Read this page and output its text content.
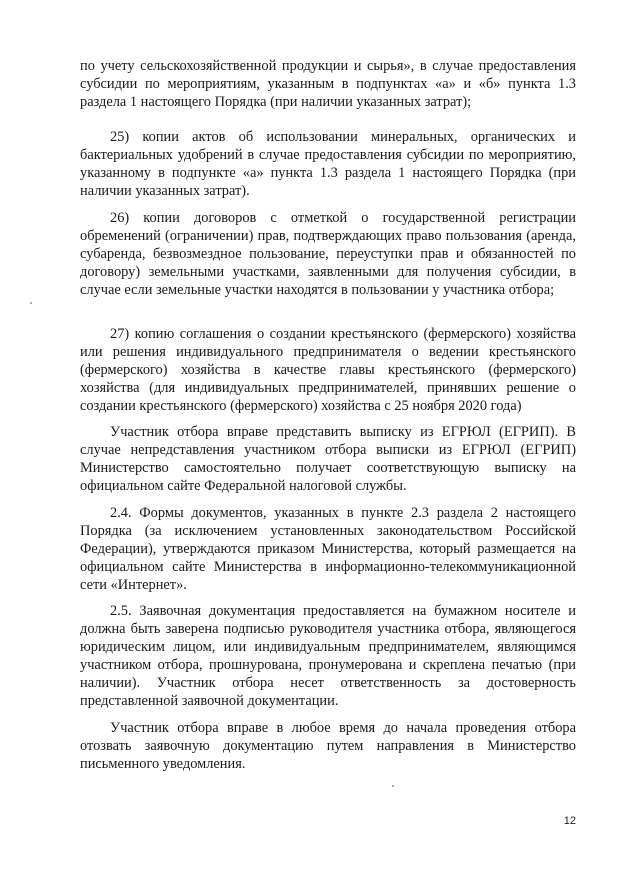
по учету сельскохозяйственной продукции и сырья», в случае предоставления субсидии по мероприятиям, указанным в подпунктах «а» и «б» пункта 1.3 раздела 1 настоящего Порядка (при наличии указанных затрат);

25) копии актов об использовании минеральных, органических и бактериальных удобрений в случае предоставления субсидии по мероприятию, указанному в подпункте «а» пункта 1.3 раздела 1 настоящего Порядка (при наличии указанных затрат).

26) копии договоров с отметкой о государственной регистрации обременений (ограничении) прав, подтверждающих право пользования (аренда, субаренда, безвозмездное пользование, переуступки прав и обязанностей по договору) земельными участками, заявленными для получения субсидии, в случае если земельные участки находятся в пользовании у участника отбора;

27) копию соглашения о создании крестьянского (фермерского) хозяйства или решения индивидуального предпринимателя о ведении крестьянского (фермерского) хозяйства в качестве главы крестьянского (фермерского) хозяйства (для индивидуальных предпринимателей, принявших решение о создании крестьянского (фермерского) хозяйства с 25 ноября 2020 года)

Участник отбора вправе представить выписку из ЕГРЮЛ (ЕГРИП). В случае непредставления участником отбора выписки из ЕГРЮЛ (ЕГРИП) Министерство самостоятельно получает соответствующую выписку на официальном сайте Федеральной налоговой службы.

2.4. Формы документов, указанных в пункте 2.3 раздела 2 настоящего Порядка (за исключением установленных законодательством Российской Федерации), утверждаются приказом Министерства, который размещается на официальном сайте Министерства в информационно-телекоммуникационной сети «Интернет».

2.5. Заявочная документация предоставляется на бумажном носителе и должна быть заверена подписью руководителя участника отбора, являющегося юридическим лицом, или индивидуальным предпринимателем, являющимся участником отбора, прошнурована, пронумерована и скреплена печатью (при наличии). Участник отбора несет ответственность за достоверность представленной заявочной документации.

Участник отбора вправе в любое время до начала проведения отбора отозвать заявочную документацию путем направления в Министерство письменного уведомления.

12
